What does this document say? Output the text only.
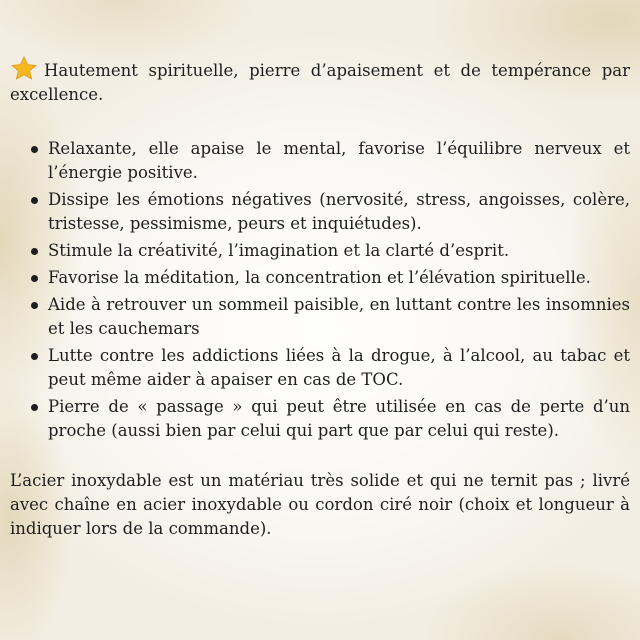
Hautement spirituelle, pierre d’apaisement et de tempérance par excellence.

Relaxante, elle apaise le mental, favorise l’équilibre nerveux et l’énergie positive.
Dissipe les émotions négatives (nervosité, stress, angoisses, colère, tristesse, pessimisme, peurs et inquiétudes).
Stimule la créativité, l’imagination et la clarté d’esprit.
Favorise la méditation, la concentration et l’élévation spirituelle.
Aide à retrouver un sommeil paisible, en luttant contre les insomnies et les cauchemars
Lutte contre les addictions liées à la drogue, à l’alcool, au tabac et peut même aider à apaiser en cas de TOC.
Pierre de « passage » qui peut être utilisée en cas de perte d’un proche (aussi bien par celui qui part que par celui qui reste).

L’acier inoxydable est un matériau très solide et qui ne ternit pas ; livré avec chaîne en acier inoxydable ou cordon ciré noir (choix et longueur à indiquer lors de la commande).
